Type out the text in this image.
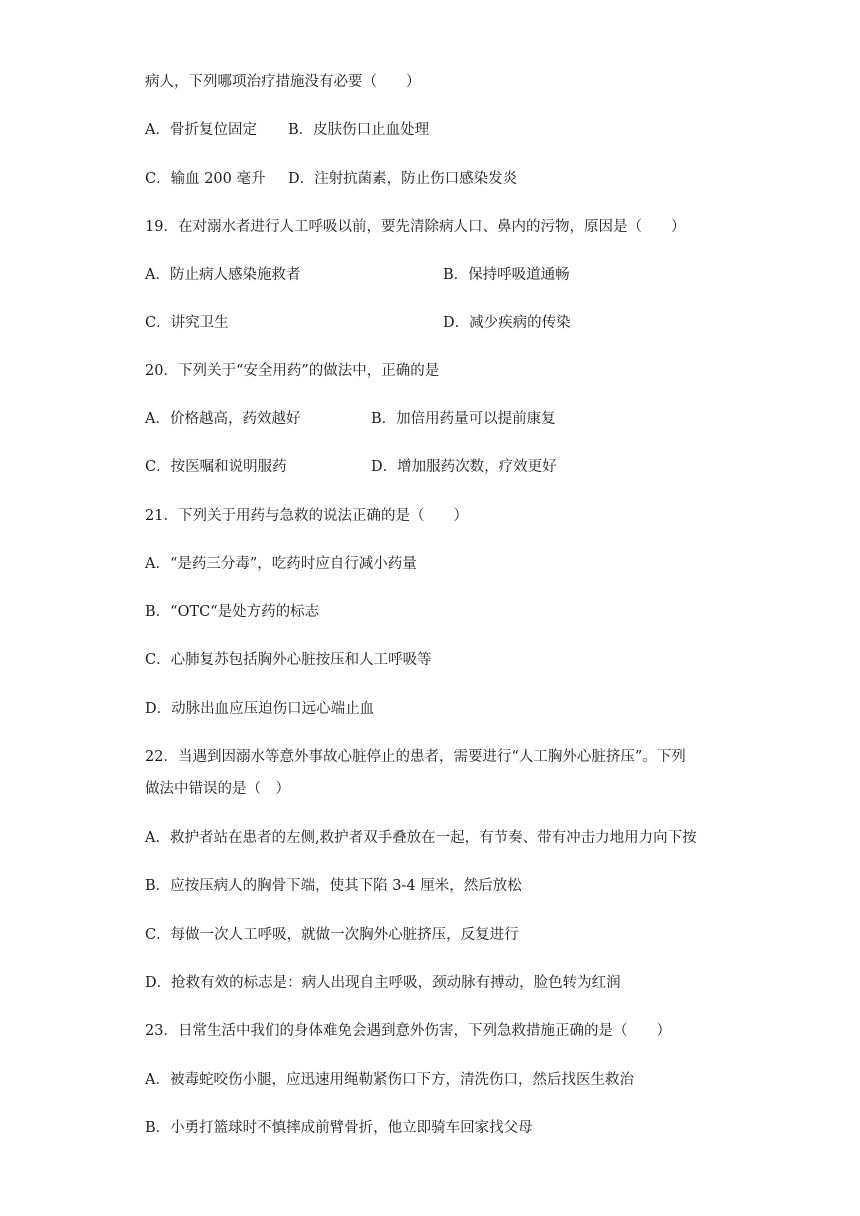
病人，下列哪项治疗措施没有必要（　　）
A．骨折复位固定 B．皮肤伤口止血处理
C．输血 200 毫升 D．注射抗菌素，防止伤口感染发炎
19．在对溺水者进行人工呼吸以前，要先清除病人口、鼻内的污物，原因是（　　）
A．防止病人感染施救者	B．保持呼吸道通畅
C．讲究卫生	D．减少疾病的传染
20．下列关于“安全用药”的做法中，正确的是
A．价格越高，药效越好	B．加倍用药量可以提前康复
C．按医嘱和说明服药	D．增加服药次数，疗效更好
21．下列关于用药与急救的说法正确的是（　　）
A．“是药三分毒”，吃药时应自行减小药量
B．“OTC“是处方药的标志
C．心肺复苏包括胸外心脏按压和人工呼吸等
D．动脉出血应压迫伤口远心端止血
22．当遇到因溺水等意外事故心脏停止的患者，需要进行“人工胸外心脏挤压”。下列
做法中错误的是（　）
A．救护者站在患者的左侧,救护者双手叠放在一起，有节奏、带有冲击力地用力向下按
B．应按压病人的胸骨下端，使其下陷 3-4 厘米，然后放松
C．每做一次人工呼吸，就做一次胸外心脏挤压，反复进行
D．抢救有效的标志是：病人出现自主呼吸，颈动脉有搏动，脸色转为红润
23．日常生活中我们的身体难免会遇到意外伤害，下列急救措施正确的是（　　）
A．被毒蛇咬伤小腿，应迅速用绳勒紧伤口下方，清洗伤口，然后找医生救治
B．小勇打篮球时不慎摔成前臂骨折，他立即骑车回家找父母
